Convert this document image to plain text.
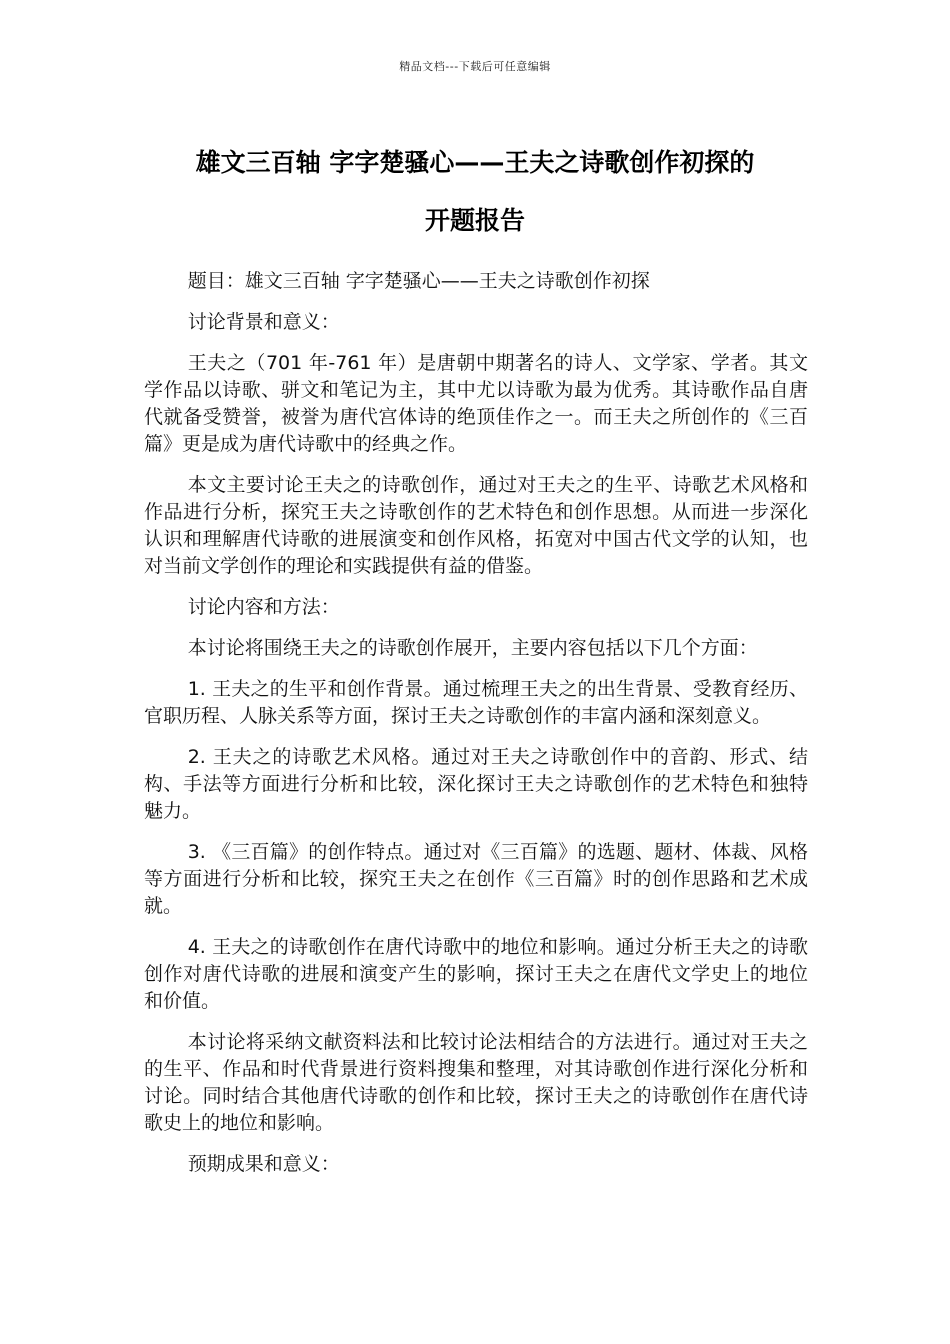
精品文档---下载后可任意编辑
雄文三百轴 字字楚骚心——王夫之诗歌创作初探的
开题报告

题目：雄文三百轴 字字楚骚心——王夫之诗歌创作初探

讨论背景和意义：

王夫之（701 年-761 年）是唐朝中期著名的诗人、文学家、学者。其文学作品以诗歌、骈文和笔记为主，其中尤以诗歌为最为优秀。其诗歌作品自唐代就备受赞誉，被誉为唐代宫体诗的绝顶佳作之一。而王夫之所创作的《三百篇》更是成为唐代诗歌中的经典之作。

本文主要讨论王夫之的诗歌创作，通过对王夫之的生平、诗歌艺术风格和作品进行分析，探究王夫之诗歌创作的艺术特色和创作思想。从而进一步深化认识和理解唐代诗歌的进展演变和创作风格，拓宽对中国古代文学的认知，也对当前文学创作的理论和实践提供有益的借鉴。

讨论内容和方法：

本讨论将围绕王夫之的诗歌创作展开，主要内容包括以下几个方面：

1. 王夫之的生平和创作背景。通过梳理王夫之的出生背景、受教育经历、官职历程、人脉关系等方面，探讨王夫之诗歌创作的丰富内涵和深刻意义。

2. 王夫之的诗歌艺术风格。通过对王夫之诗歌创作中的音韵、形式、结构、手法等方面进行分析和比较，深化探讨王夫之诗歌创作的艺术特色和独特魅力。

3. 《三百篇》的创作特点。通过对《三百篇》的选题、题材、体裁、风格等方面进行分析和比较，探究王夫之在创作《三百篇》时的创作思路和艺术成就。

4. 王夫之的诗歌创作在唐代诗歌中的地位和影响。通过分析王夫之的诗歌创作对唐代诗歌的进展和演变产生的影响，探讨王夫之在唐代文学史上的地位和价值。

本讨论将采纳文献资料法和比较讨论法相结合的方法进行。通过对王夫之的生平、作品和时代背景进行资料搜集和整理，对其诗歌创作进行深化分析和讨论。同时结合其他唐代诗歌的创作和比较，探讨王夫之的诗歌创作在唐代诗歌史上的地位和影响。

预期成果和意义：
